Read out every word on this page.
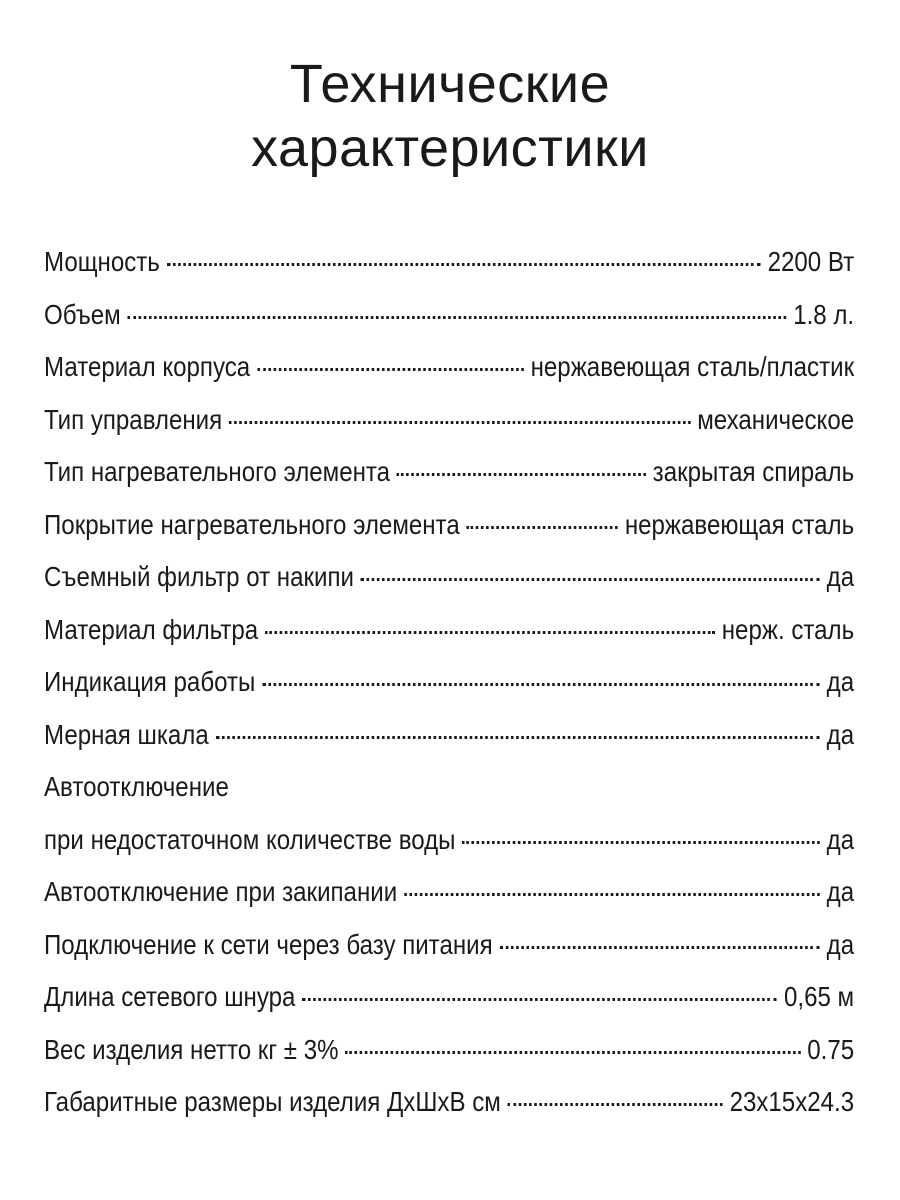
Технические
характеристики
Мощность	2200 Вт
Объем	1.8 л.
Материал корпуса	нержавеющая сталь/пластик
Тип управления	механическое
Тип нагревательного элемента	закрытая спираль
Покрытие нагревательного элемента	нержавеющая сталь
Съемный фильтр от накипи	да
Материал фильтра	нерж. сталь
Индикация работы	да
Мерная шкала	да
Автоотключение
при недостаточном количестве воды	да
Автоотключение при закипании	да
Подключение к сети через базу питания	да
Длина сетевого шнура	0,65 м
Вес изделия нетто кг ± 3%	0.75
Габаритные размеры изделия ДхШхВ см	23x15x24.3
